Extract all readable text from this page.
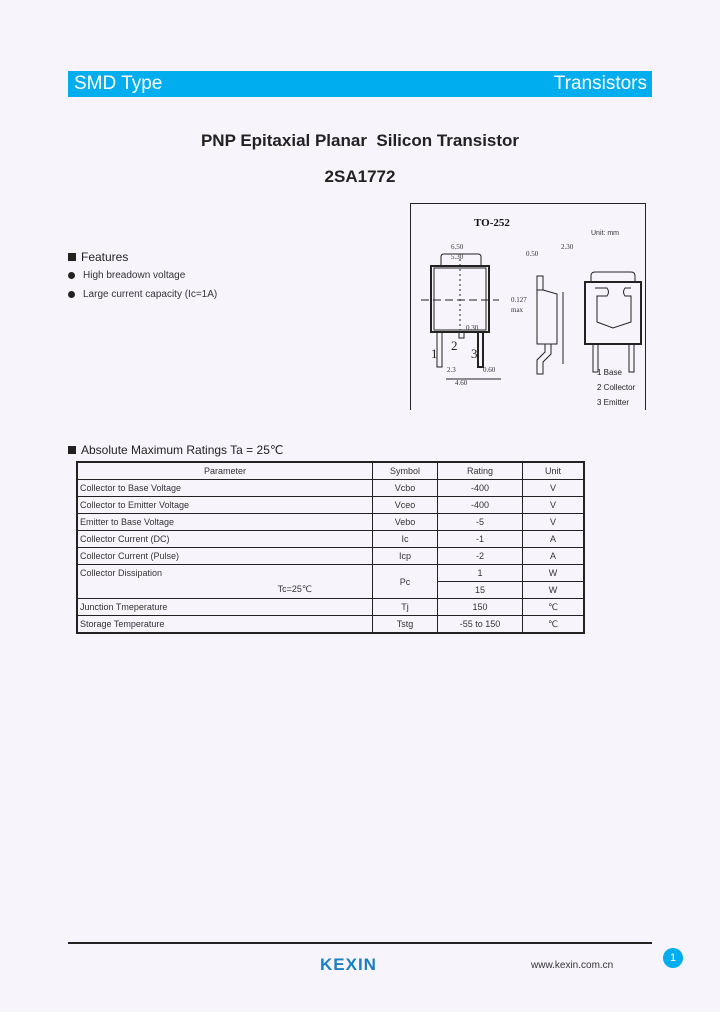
SMD Type	Transistors
PNP Epitaxial Planar  Silicon Transistor
2SA1772
Features
High breadown voltage
Large current capacity (Ic=1A)
TO-252
Unit: mm
6.50
5.30	0.50
2.30
0.30
0.127
max
2.3	0.60
4.60
1
2
3
1 Base
2 Collector
3 Emitter
Absolute Maximum Ratings Ta = 25℃
Parameter	Symbol	Rating	Unit
Collector to Base Voltage	Vcbo	-400	V
Collector to Emitter Voltage	Vceo	-400	V
Emitter to Base Voltage	Vebo	-5	V
Collector Current (DC)	Ic	-1	A
Collector Current (Pulse)	Icp	-2	A
Collector Dissipation	Pc	1	W
Tc=25℃		15	W
Junction Tmeperature	Tj	150	℃
Storage Temperature	Tstg	-55 to 150	℃
KEXIN	www.kexin.com.cn
1
